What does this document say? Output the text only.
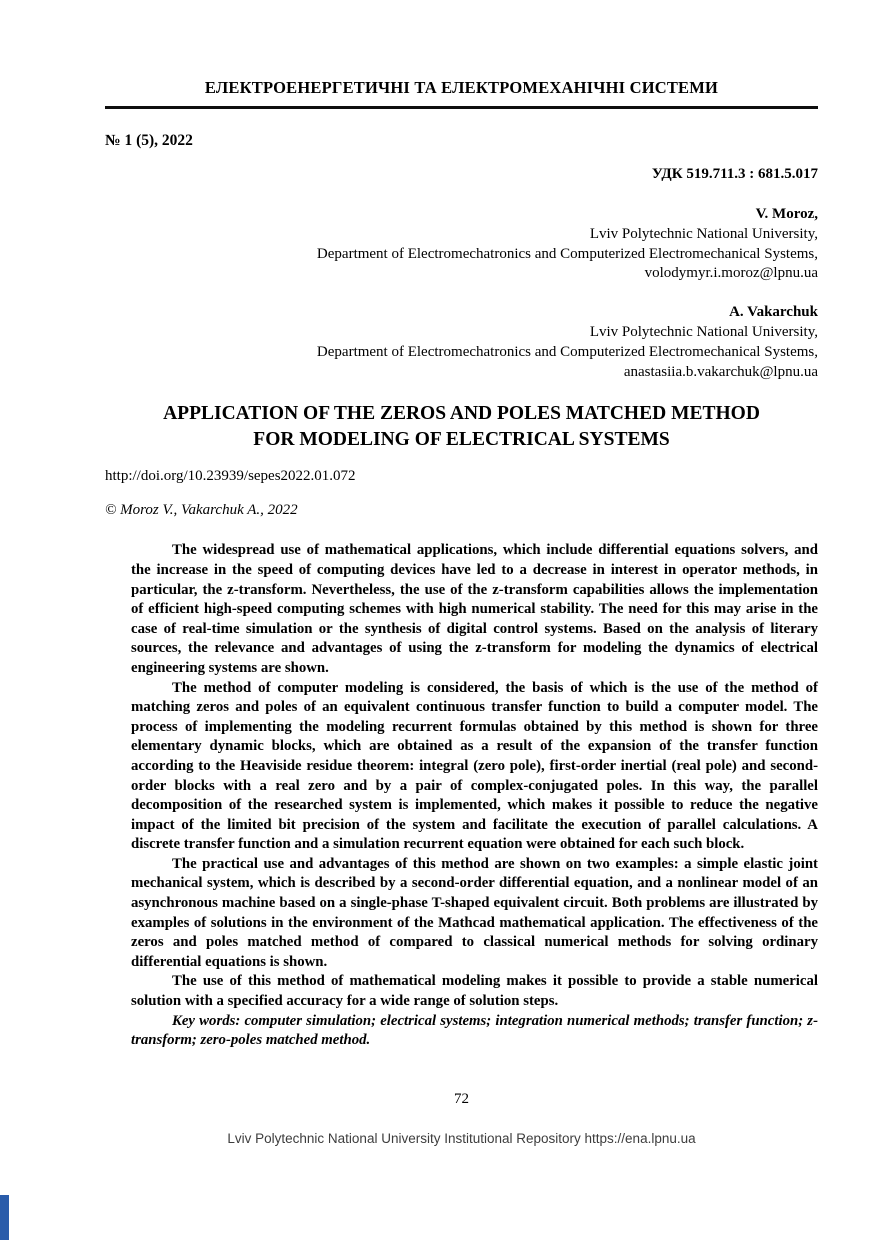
ЕЛЕКТРОЕНЕРГЕТИЧНІ ТА ЕЛЕКТРОМЕХАНІЧНІ СИСТЕМИ
№ 1 (5), 2022
УДК 519.711.3 : 681.5.017
V. Moroz,
Lviv Polytechnic National University,
Department of Electromechatronics and Computerized Electromechanical Systems,
volodymyr.i.moroz@lpnu.ua
A. Vakarchuk
Lviv Polytechnic National University,
Department of Electromechatronics and Computerized Electromechanical Systems,
anastasiia.b.vakarchuk@lpnu.ua
APPLICATION OF THE ZEROS AND POLES MATCHED METHOD FOR MODELING OF ELECTRICAL SYSTEMS
http://doi.org/10.23939/sepes2022.01.072
© Moroz V., Vakarchuk A., 2022

The widespread use of mathematical applications, which include differential equations solvers, and the increase in the speed of computing devices have led to a decrease in interest in operator methods, in particular, the z-transform. Nevertheless, the use of the z-transform capabilities allows the implementation of efficient high-speed computing schemes with high numerical stability. The need for this may arise in the case of real-time simulation or the synthesis of digital control systems. Based on the analysis of literary sources, the relevance and advantages of using the z-transform for modeling the dynamics of electrical engineering systems are shown.

The method of computer modeling is considered, the basis of which is the use of the method of matching zeros and poles of an equivalent continuous transfer function to build a computer model. The process of implementing the modeling recurrent formulas obtained by this method is shown for three elementary dynamic blocks, which are obtained as a result of the expansion of the transfer function according to the Heaviside residue theorem: integral (zero pole), first-order inertial (real pole) and second-order blocks with a real zero and by a pair of complex-conjugated poles. In this way, the parallel decomposition of the researched system is implemented, which makes it possible to reduce the negative impact of the limited bit precision of the system and facilitate the execution of parallel calculations. A discrete transfer function and a simulation recurrent equation were obtained for each such block.

The practical use and advantages of this method are shown on two examples: a simple elastic joint mechanical system, which is described by a second-order differential equation, and a nonlinear model of an asynchronous machine based on a single-phase T-shaped equivalent circuit. Both problems are illustrated by examples of solutions in the environment of the Mathcad mathematical application. The effectiveness of the zeros and poles matched method of compared to classical numerical methods for solving ordinary differential equations is shown.

The use of this method of mathematical modeling makes it possible to provide a stable numerical solution with a specified accuracy for a wide range of solution steps.

Key words: computer simulation; electrical systems; integration numerical methods; transfer function; z-transform; zero-poles matched method.

72
Lviv Polytechnic National University Institutional Repository https://ena.lpnu.ua
